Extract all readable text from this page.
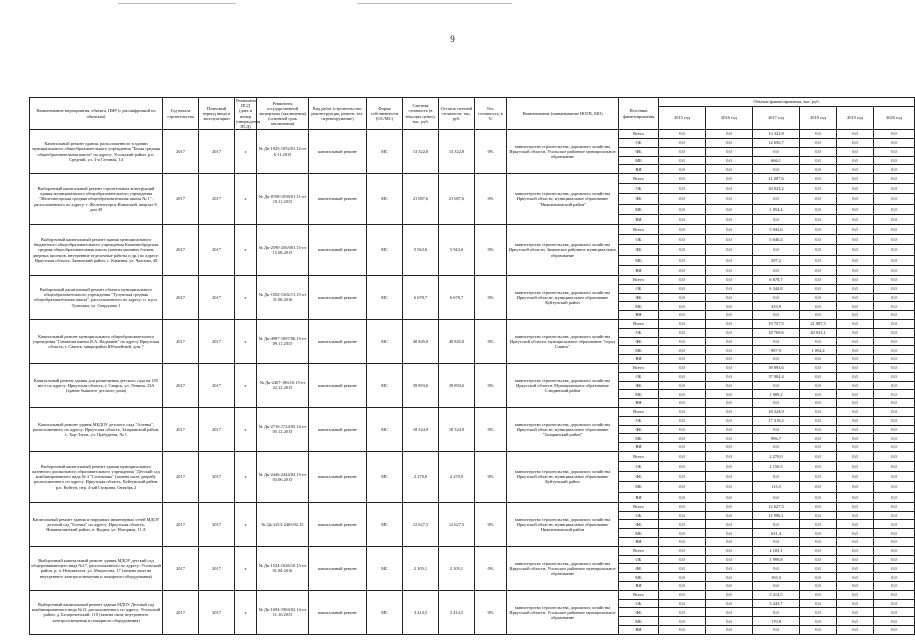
9
Наименование мероприятия, объекта, ПИР (с расшифровкой по объектам)	Год начала строительства	Плановый период ввода в эксплуатацию	Реквизиты ПСД (дата и номер утверждения ПСД)	Реквизиты государственной экспертизы (заключения) (основной срок заключения)	Вид работ (строительство, реконструкция, ремонт, тех. перевооружение)	Форма собственности (ОС/МС)	Сметная стоимость (в текущих ценах), тыс. руб.	Остаток сметной стоимости, тыс. руб.	Тех. готовность, в %	Наименование (наименование ИОГВ, МО)	Источник финансирования	Объемы финансирования, тыс. руб.					
												2015 год	2016 год	2017 год	2018 год	2019 год	2020 год
Капитальный ремонт здания, расположенного в здании муниципального общеобразовательного учреждения "Белая средняя общеобразовательная школа" по адресу: Усольский район, р.п. Средний, ул. 3-я Степная, 14	2017	2017	х	№ Дк-1925-1052/01.12-от 6-11.2015	капитальный ремонт	МС	13 322,8	13 322,8	0%	министерство строительства, дорожного хозяйства Иркутской области, Усольское районное муниципальное образование	Всего	0,0	0,0	13 322,8	0,0	0,0	0,0
											ОБ	0,0	0,0	12 656,7	0,0	0,0	0,0
											ФБ	0,0	0,0	0,0	0,0	0,0	0,0
											МБ	0,0	0,0	666,1	0,0	0,0	0,0
											ВИ	0,0	0,0	0,0	0,0	0,0	0,0
Выборочный капитальный ремонт строительных конструкций здания муниципального общеобразовательного учреждения "Железногорская средняя общеобразовательная школа № 1", расположенного по адресу: г. Железногорск-Илимский, квартал 8, дом 49	2017	2017	х	№ Дк-0708-1058/01.11-от 19.11.2015	капитальный ремонт	МС	21 087,6	21 087,6	0%	министерство строительства, дорожного хозяйства Иркутской области, муниципальное образование "Нижнеилимский район"	Всего	0,0	0,0	21 087,6	0,0	0,0	0,0
											ОБ	0,0	0,0	20 033,2	0,0	0,0	0,0
											ФБ	0,0	0,0	0,0	0,0	0,0	0,0
											МБ	0,0	0,0	1 054,4	0,0	0,0	0,0
											ВИ	0,0	0,0	0,0	0,0	0,0	0,0
Выборочный капитальный ремонт здания муниципального бюджетного общеобразовательного учреждения Каменнобродская средняя общеобразовательная школа (замена оконных блоков, дверных проемов, внутренние отделочные работы и др.) по адресу: Иркутская область, Зиминский район, с. Каменка, ул. Чкалова, 48	2017	2017	х	№ Дк-2590-256/001.15-от 15.08.2015	капитальный ремонт	МС	5 943,6	5 943,6	0%	министерство строительства, дорожного хозяйства Иркутской области, Зиминское районное муниципальное образование	Всего	0,0	0,0	5 943,6	0,0	0,0	0,0
											ОБ	0,0	0,0	5 646,4	0,0	0,0	0,0
											ФБ	0,0	0,0	0,0	0,0	0,0	0,0
											МБ	0,0	0,0	297,2	0,0	0,0	0,0
											ВИ	0,0	0,0	0,0	0,0	0,0	0,0
Выборочный капитальный ремонт объекта муниципального общеобразовательного учреждения "Тулунская средняя общеобразовательная школа", расположенного по адресу: п. н.р.п. Тулюшка, ул. Свердлова 1	2017	2017	х	№ Дк-1502-1302/11.15-от 31.08.2016	капитальный ремонт	МС	6 678,7	6 678,7	0%	министерство строительства, дорожного хозяйства Иркутской области, муниципальное образование Куйтунский район	Всего	0,0	0,0	6 678,7	0,0	0,0	0,0
											ОБ	0,0	0,0	6 344,8	0,0	0,0	0,0
											ФБ	0,0	0,0	0,0	0,0	0,0	0,0
											МБ	0,0	0,0	333,9	0,0	0,0	0,0
											ВИ	0,0	0,0	0,0	0,0	0,0	0,0
Капитальный ремонт муниципального общеобразовательного учреждения "Гимназия имени В.А. Надькина" по адресу Иркутская область, г. Саянск, микрорайон Юбилейный, дом 7	2017	2017	х	№ Дк-4987-1097/06.15-от 09.11.2015	капитальный ремонт	МС	40 845,0	40 845,0	0%	министерство строительства, дорожного хозяйства Иркутской области, муниципальное образование "город Саянск"	Всего	0,0	0,0	19 757,5	21 087,5	0,0	0,0
											ОБ	0,0	0,0	18 769,6	20 033,1	0,0	0,0
											ФБ	0,0	0,0	0,0	0,0	0,0	0,0
											МБ	0,0	0,0	987,9	1 054,4	0,0	0,0
											ВИ	0,0	0,0	0,0	0,0	0,0	0,0
Капитальный ремонт здания для размещения детского сада на 105 мест по адресу: Иркутская область, г. Свирск, ул. Ленина, 23А (здание бывшего детского дома)	2017	2017	х	№ Дк-2467-186/10.15-от 22.12.2015	капитальный ремонт	МС	39 893,6	39 893,6	0%	министерство строительства, дорожного хозяйства Иркутской области, Муниципальное образование Слюдянский район	Всего	0,0	0,0	39 893,6	0,0	0,0	0,0
											ОБ	0,0	0,0	37 904,4	0,0	0,0	0,0
											ФБ	0,0	0,0	0,0	0,0	0,0	0,0
											МБ	0,0	0,0	1 989,2	0,0	0,0	0,0
											ВИ	0,0	0,0	0,0	0,0	0,0	0,0
Капитальный ремонт здания МБДОУ детского сада "Аленка", расположенного по адресу: Иркутская область, Заларинский район, с. Хор-Тагна, ул. Цыбудеева, № 1	2017	2017	х	№ Дк-2716-1724/05.14-от 05.12.2015	капитальный ремонт	МС	18 324,9	18 324,9	0%	министерство строительства, дорожного хозяйства Иркутской области, муниципальное образование "Заларинский район"	Всего	0,0	0,0	18 324,9	0,0	0,0	0,0
											ОБ	0,0	0,0	17 418,2	0,0	0,0	0,0
											ФБ	0,0	0,0	0,0	0,0	0,0	0,0
											МБ	0,0	0,0	906,7	0,0	0,0	0,0
											ВИ	0,0	0,0	0,0	0,0	0,0	0,0
Выборочный капитальный ремонт здания муниципального казенного дошкольного образовательного учреждения "Детский сад комбинированного вида № 3 "Солнышко" (замена окон, дверей), расположенного по адресу: Иркутская область, Куйтунский район, р.п. Куйтун, пер. 4-ый Гагарина, Октябрь 2	2017	2017	х	№ Дк-2446-2444/02.15-от 03.06.2015	капитальный ремонт	МС	2 270,0	2 270,0	0%	министерство строительства, дорожного хозяйства Иркутской области, муниципальное образование Куйтунский район	Всего	0,0	0,0	2 270,0	0,0	0,0	0,0
											ОБ	0,0	0,0	2 156,5	0,0	0,0	0,0
											ФБ	0,0	0,0	0,0	0,0	0,0	0,0
											МБ	0,0	0,0	113,5	0,0	0,0	0,0
											ВИ	0,0	0,0	0,0	0,0	0,0	0,0
Капитальный ремонт здания и наружных инженерных сетей МДОУ детский сад "Елочка" по адресу: Иркутская область, Нижнеилимский район, п. Видим, ул. Нагорная, 11 А	2017	2017	х	№ Дк-2413-2465/02.15	капитальный ремонт	МС	12 627,5	12 627,5	0%	министерство строительства, дорожного хозяйства Иркутской области, муниципальное образование Нижнеилимский район	Всего	0,0	0,0	12 627,5	0,0	0,0	0,0
											ОБ	0,0	0,0	11 996,1	0,0	0,0	0,0
											ФБ	0,0	0,0	0,0	0,0	0,0	0,0
											МБ	0,0	0,0	631,4	0,0	0,0	0,0
											ВИ	0,0	0,0	0,0	0,0	0,0	0,0
Выборочный капитальный ремонт здания МДОУ детский сад общеразвивающего вида №17, расположенного по адресу: Усольский район, р. п. Новомальта, ул. Матросова, 17 (замена окон на внутреннего электроосвещения и пожарного оборудования)	2017	2017	х	№ Дк-1524-1026/10.15-от 01.04.2016	капитальный ремонт	МС	2 105,1	2 105,1	0%	министерство строительства, дорожного хозяйства Иркутской области, Усольское районное муниципальное образование	Всего	0,0	0,0	2 105,1	0,0	0,0	0,0
											ОБ	0,0	0,0	1 999,8	0,0	0,0	0,0
											ФБ	0,0	0,0	0,0	0,0	0,0	0,0
											МБ	0,0	0,0	105,3	0,0	0,0	0,0
											ВИ	0,0	0,0	0,0	0,0	0,0	0,0
Выборочный капитальный ремонт здания МДОУ Детский сад комбинированного вида №13, расположенного по адресу: Усольский район, д. Белореченский, 110 (замена окон, внутреннего электроосвещения и пожарного оборудования)	2017	2017	х	№ Дк-1694-1904/02.14-от 11.10.2015	капитальный ремонт	МС	3 414,5	3 414,5	0%	министерство строительства, дорожного хозяйства Иркутской области, Усольское районное муниципальное образование	Всего	0,0	0,0	3 414,5	0,0	0,0	0,0
											ОБ	0,0	0,0	3 243,7	0,0	0,0	0,0
											ФБ	0,0	0,0	0,0	0,0	0,0	0,0
											МБ	0,0	0,0	170,8	0,0	0,0	0,0
											ВИ	0,0	0,0	0,0	0,0	0,0	0,0
